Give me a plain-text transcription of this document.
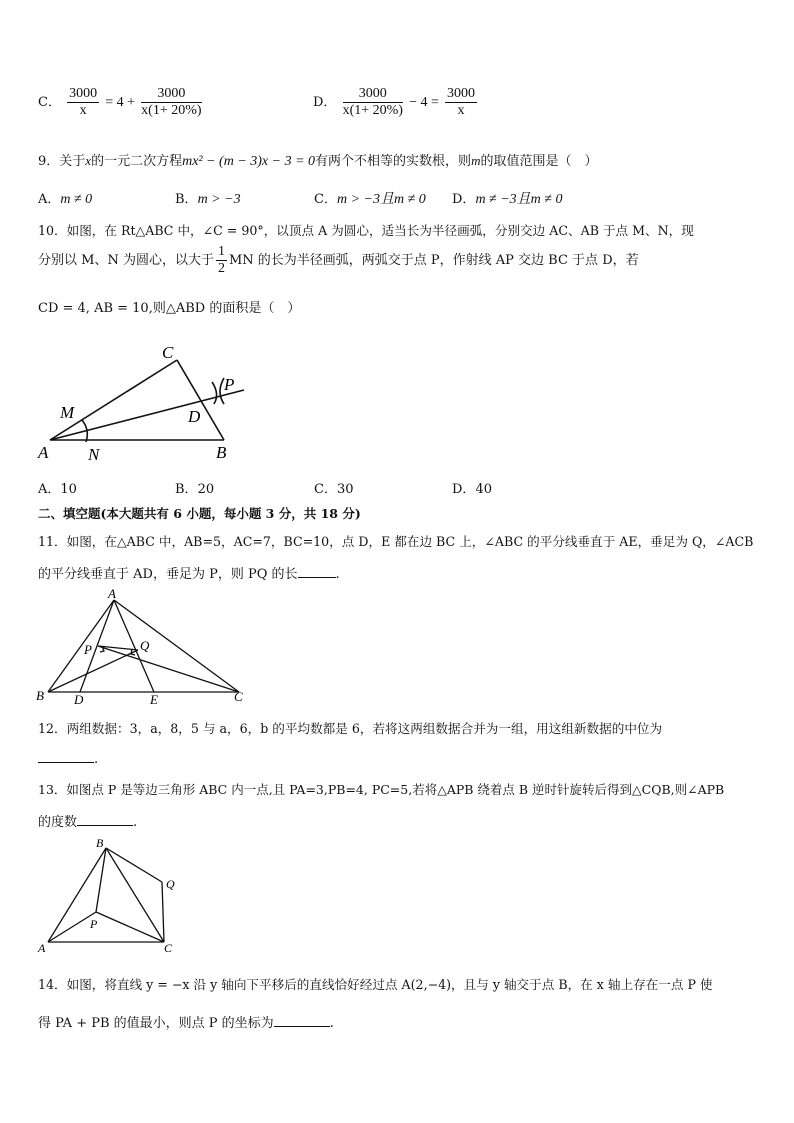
C． $\frac{3000}{x} = 4 + \frac{3000}{x(1+ 20\%)}$	D． $\frac{3000}{x(1+ 20\%)} - 4 = \frac{3000}{x}$
9．关于x的一元二次方程mx² − (m − 3)x − 3 = 0有两个不相等的实数根，则m的取值范围是（　）
A．m ≠ 0	B．m > −3	C．m > −3且m ≠ 0 D．m ≠ −3且m ≠ 0
10．如图，在 Rt△ABC 中，∠C = 90°，以顶点 A 为圆心，适当长为半径画弧，分别交边 AC、AB 于点 M、N，现
分别以 M、N 为圆心，以大于 $\frac{1}{2}$ MN 的长为半径画弧，两弧交于点 P，作射线 AP 交边 BC 于点 D，若
CD = 4, AB = 10,则△ABD 的面积是（　）
C
P
M	D
A N	B
A．10	B．20	C．30	D．40
二、填空题(本大题共有 6 小题，每小题 3 分，共 18 分)
11．如图，在△ABC 中，AB=5，AC=7，BC=10，点 D，E 都在边 BC 上，∠ABC 的平分线垂直于 AE，垂足为 Q，∠ACB
的平分线垂直于 AD，垂足为 P，则 PQ 的长	.
A
P	Q
B D	E	C
12．两组数据：3，a，8，5 与 a，6，b 的平均数都是 6，若将这两组数据合并为一组，用这组新数据的中位为
.
13．如图点 P 是等边三角形 ABC 内一点,且 PA=3,PB=4, PC=5,若将△APB 绕着点 B 逆时针旋转后得到△CQB,则∠APB
的度数	.
B
Q
P
A	C
14．如图，将直线 y = −x 沿 y 轴向下平移后的直线恰好经过点 A(2,−4)，且与 y 轴交于点 B，在 x 轴上存在一点 P 使
得 PA + PB 的值最小，则点 P 的坐标为	.
